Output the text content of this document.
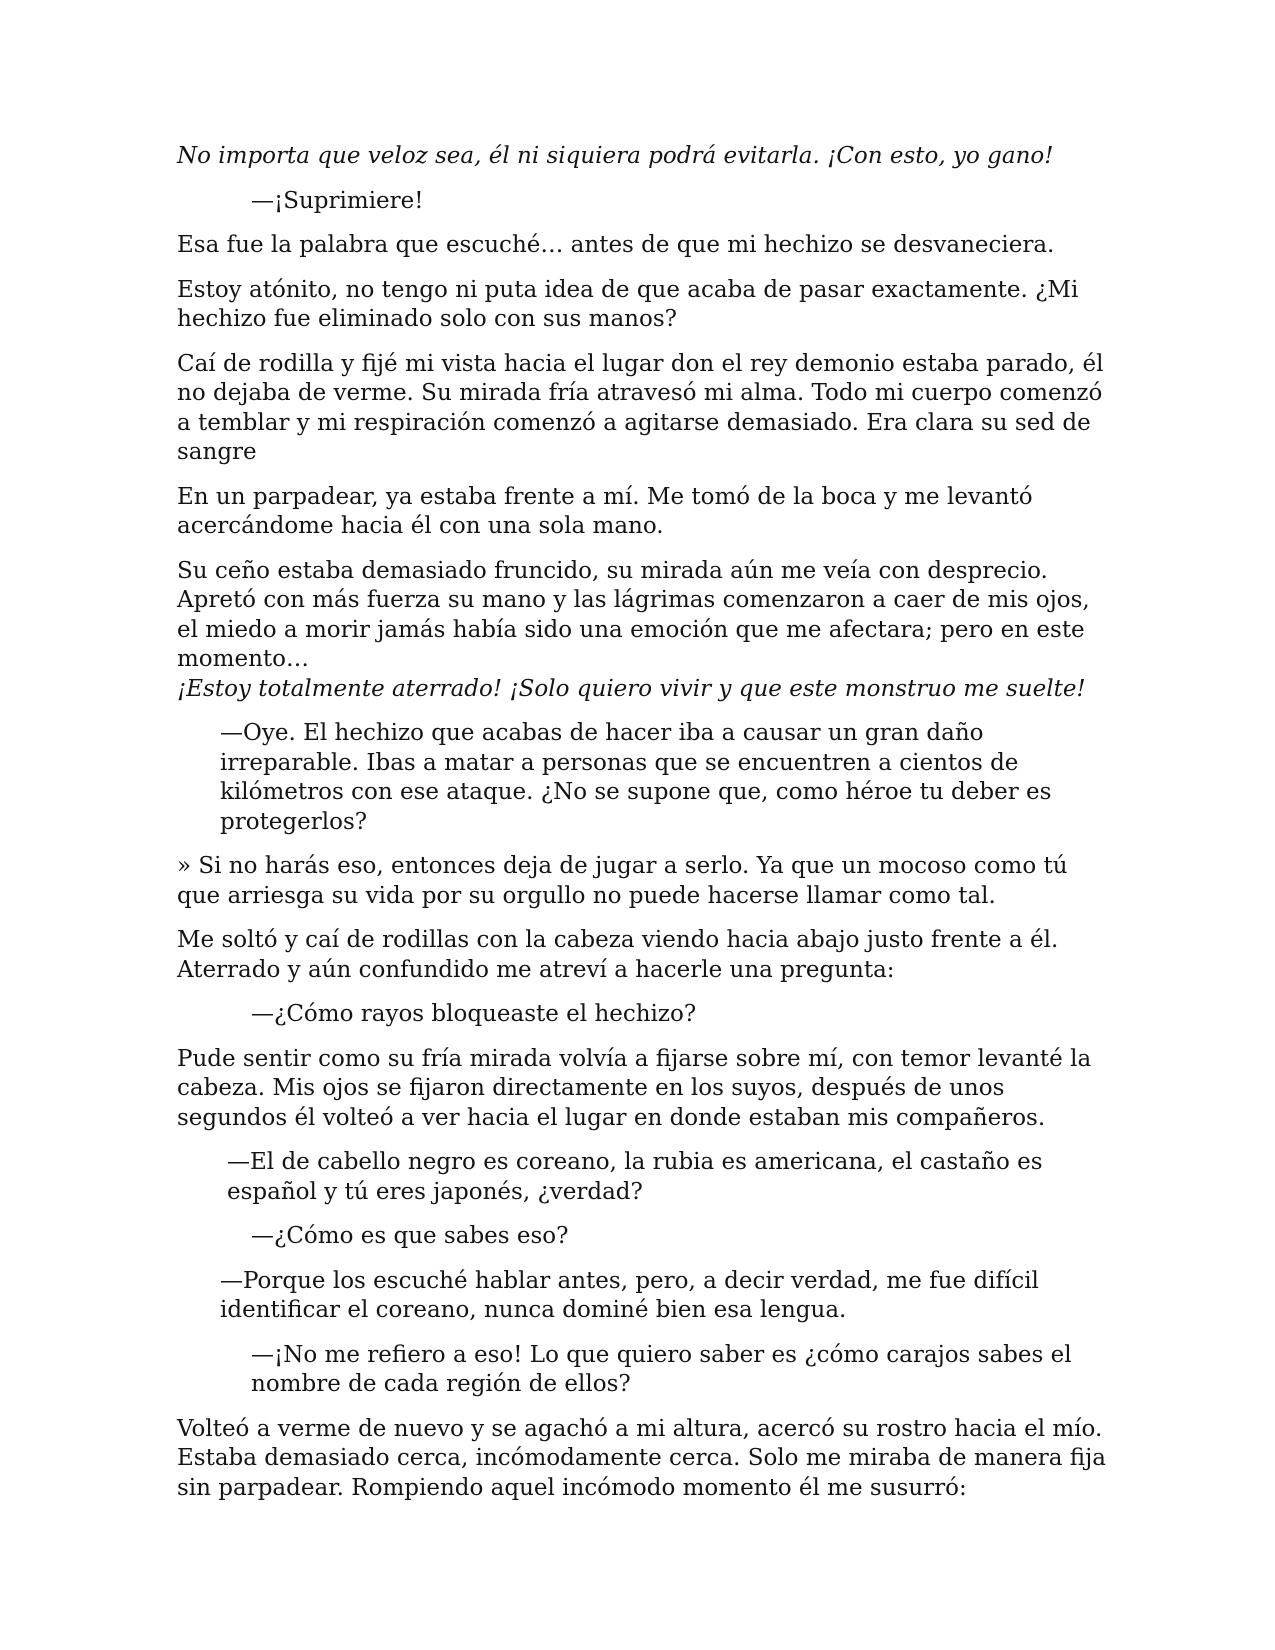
No importa que veloz sea, él ni siquiera podrá evitarla. ¡Con esto, yo gano!

—¡Suprimiere!

Esa fue la palabra que escuché… antes de que mi hechizo se desvaneciera.

Estoy atónito, no tengo ni puta idea de que acaba de pasar exactamente. ¿Mi hechizo fue eliminado solo con sus manos?

Caí de rodilla y fijé mi vista hacia el lugar don el rey demonio estaba parado, él no dejaba de verme. Su mirada fría atravesó mi alma. Todo mi cuerpo comenzó a temblar y mi respiración comenzó a agitarse demasiado. Era clara su sed de sangre

En un parpadear, ya estaba frente a mí. Me tomó de la boca y me levantó acercándome hacia él con una sola mano.

Su ceño estaba demasiado fruncido, su mirada aún me veía con desprecio. Apretó con más fuerza su mano y las lágrimas comenzaron a caer de mis ojos, el miedo a morir jamás había sido una emoción que me afectara; pero en este momento…
¡Estoy totalmente aterrado! ¡Solo quiero vivir y que este monstruo me suelte!

—Oye. El hechizo que acabas de hacer iba a causar un gran daño irreparable. Ibas a matar a personas que se encuentren a cientos de kilómetros con ese ataque. ¿No se supone que, como héroe tu deber es protegerlos?

» Si no harás eso, entonces deja de jugar a serlo. Ya que un mocoso como tú que arriesga su vida por su orgullo no puede hacerse llamar como tal.

Me soltó y caí de rodillas con la cabeza viendo hacia abajo justo frente a él. Aterrado y aún confundido me atreví a hacerle una pregunta:

—¿Cómo rayos bloqueaste el hechizo?

Pude sentir como su fría mirada volvía a fijarse sobre mí, con temor levanté la cabeza. Mis ojos se fijaron directamente en los suyos, después de unos segundos él volteó a ver hacia el lugar en donde estaban mis compañeros.

—El de cabello negro es coreano, la rubia es americana, el castaño es español y tú eres japonés, ¿verdad?

—¿Cómo es que sabes eso?

—Porque los escuché hablar antes, pero, a decir verdad, me fue difícil identificar el coreano, nunca dominé bien esa lengua.

—¡No me refiero a eso! Lo que quiero saber es ¿cómo carajos sabes el nombre de cada región de ellos?

Volteó a verme de nuevo y se agachó a mi altura, acercó su rostro hacia el mío. Estaba demasiado cerca, incómodamente cerca. Solo me miraba de manera fija sin parpadear. Rompiendo aquel incómodo momento él me susurró:
